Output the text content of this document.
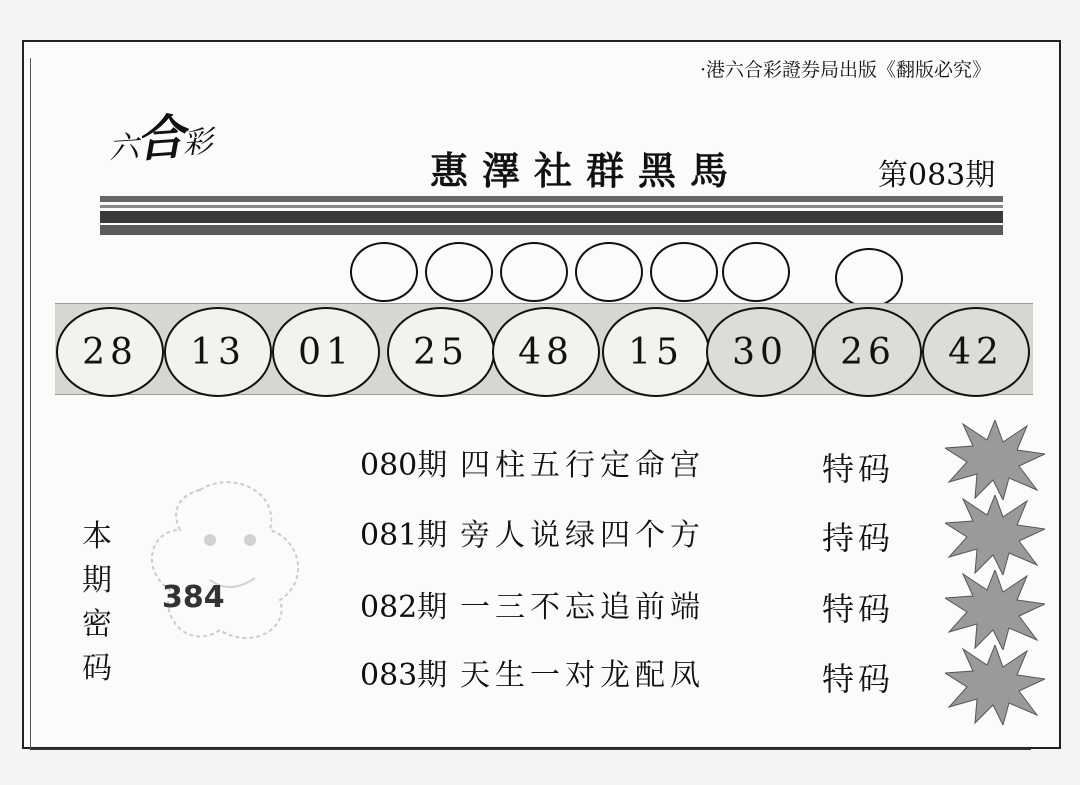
·港六合彩證券局出版《翻版必究》
六合彩
惠澤社群黑馬	第083期
28	13	01	25	48	15	30	26	42
080期 四柱五行定命宫	特码
081期 旁人说绿四个方	持码
082期 一三不忘追前端	特码
083期 天生一对龙配凤	特码
本
期
密
码
384
